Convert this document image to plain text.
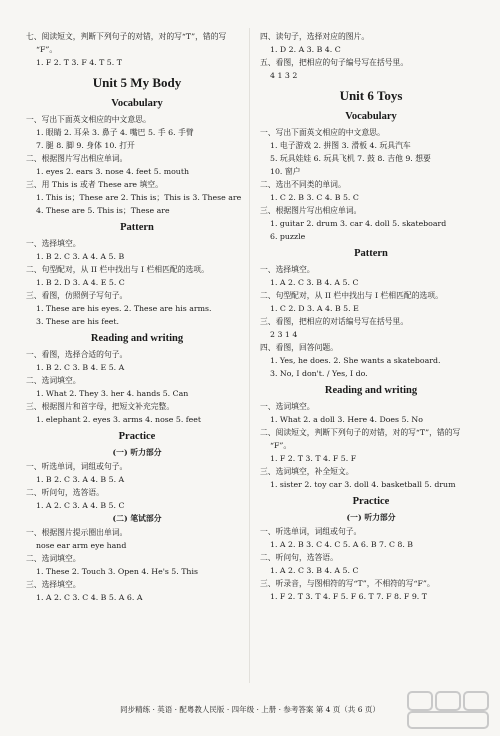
七、阅读短文，判断下列句子的对错，对的写“T”，错的写
“F”。
1. F 2. T 3. F 4. T 5. T
Unit 5 My Body
Vocabulary
一、写出下面英文相应的中文意思。
1. 眼睛 2. 耳朵 3. 鼻子 4. 嘴巴 5. 手 6. 手臂
7. 腿 8. 脚 9. 身体 10. 打开
二、根据图片写出相应单词。
1. eyes 2. ears 3. nose 4. feet 5. mouth
三、用 This is 或者 These are 填空。
1. This is；These are 2. This is；This is 3. These are
4. These are 5. This is；These are
Pattern
一、选择填空。
1. B 2. C 3. A 4. A 5. B
二、句型配对，从 II 栏中找出与 I 栏相匹配的选项。
1. B 2. D 3. A 4. E 5. C
三、看图，仿照例子写句子。
1. These are his eyes. 2. These are his arms.
3. These are his feet.
Reading and writing
一、看图，选择合适的句子。
1. B 2. C 3. B 4. E 5. A
二、选词填空。
1. What 2. They 3. her 4. hands 5. Can
三、根据图片和首字母，把短文补充完整。
1. elephant 2. eyes 3. arms 4. nose 5. feet
Practice
(一) 听力部分
一、听选单词，词组或句子。
1. B 2. C 3. A 4. B 5. A
二、听问句，选答语。
1. A 2. C 3. A 4. B 5. C
(二) 笔试部分
一、根据图片提示圈出单词。
nose ear arm eye hand
二、选词填空。
1. These 2. Touch 3. Open 4. He's 5. This
三、选择填空。
1. A 2. C 3. C 4. B 5. A 6. A
四、读句子，选择对应的图片。
1. D 2. A 3. B 4. C
五、看图，把相应的句子编号写在括号里。
4 1 3 2
Unit 6 Toys
Vocabulary
一、写出下面英文相应的中文意思。
1. 电子游戏 2. 拼图 3. 滑板 4. 玩具汽车
5. 玩具娃娃 6. 玩具飞机 7. 鼓 8. 吉他 9. 想要
10. 窗户
二、选出不同类的单词。
1. C 2. B 3. C 4. B 5. C
三、根据图片写出相应单词。
1. guitar 2. drum 3. car 4. doll 5. skateboard
6. puzzle
Pattern
一、选择填空。
1. A 2. C 3. B 4. A 5. C
二、句型配对，从 II 栏中找出与 I 栏相匹配的选项。
1. C 2. D 3. A 4. B 5. E
三、看图，把相应的对话编号写在括号里。
2 3 1 4
四、看图，回答问题。
1. Yes, he does. 2. She wants a skateboard.
3. No, I don't. / Yes, I do.
Reading and writing
一、选词填空。
1. What 2. a doll 3. Here 4. Does 5. No
二、阅读短文，判断下列句子的对错，对的写“T”，错的写
“F”。
1. F 2. T 3. T 4. F 5. F
三、选词填空，补全短文。
1. sister 2. toy car 3. doll 4. basketball 5. drum
Practice
(一) 听力部分
一、听选单词，词组或句子。
1. A 2. B 3. C 4. C 5. A 6. B 7. C 8. B
二、听问句，选答语。
1. A 2. C 3. B 4. A 5. C
三、听录音，与图相符的写“T”，不相符的写“F”。
1. F 2. T 3. T 4. F 5. F 6. T 7. F 8. F 9. T
同步精练 · 英语 · 配粤教人民版 · 四年级 · 上册 · 参考答案 第 4 页（共 6 页）
